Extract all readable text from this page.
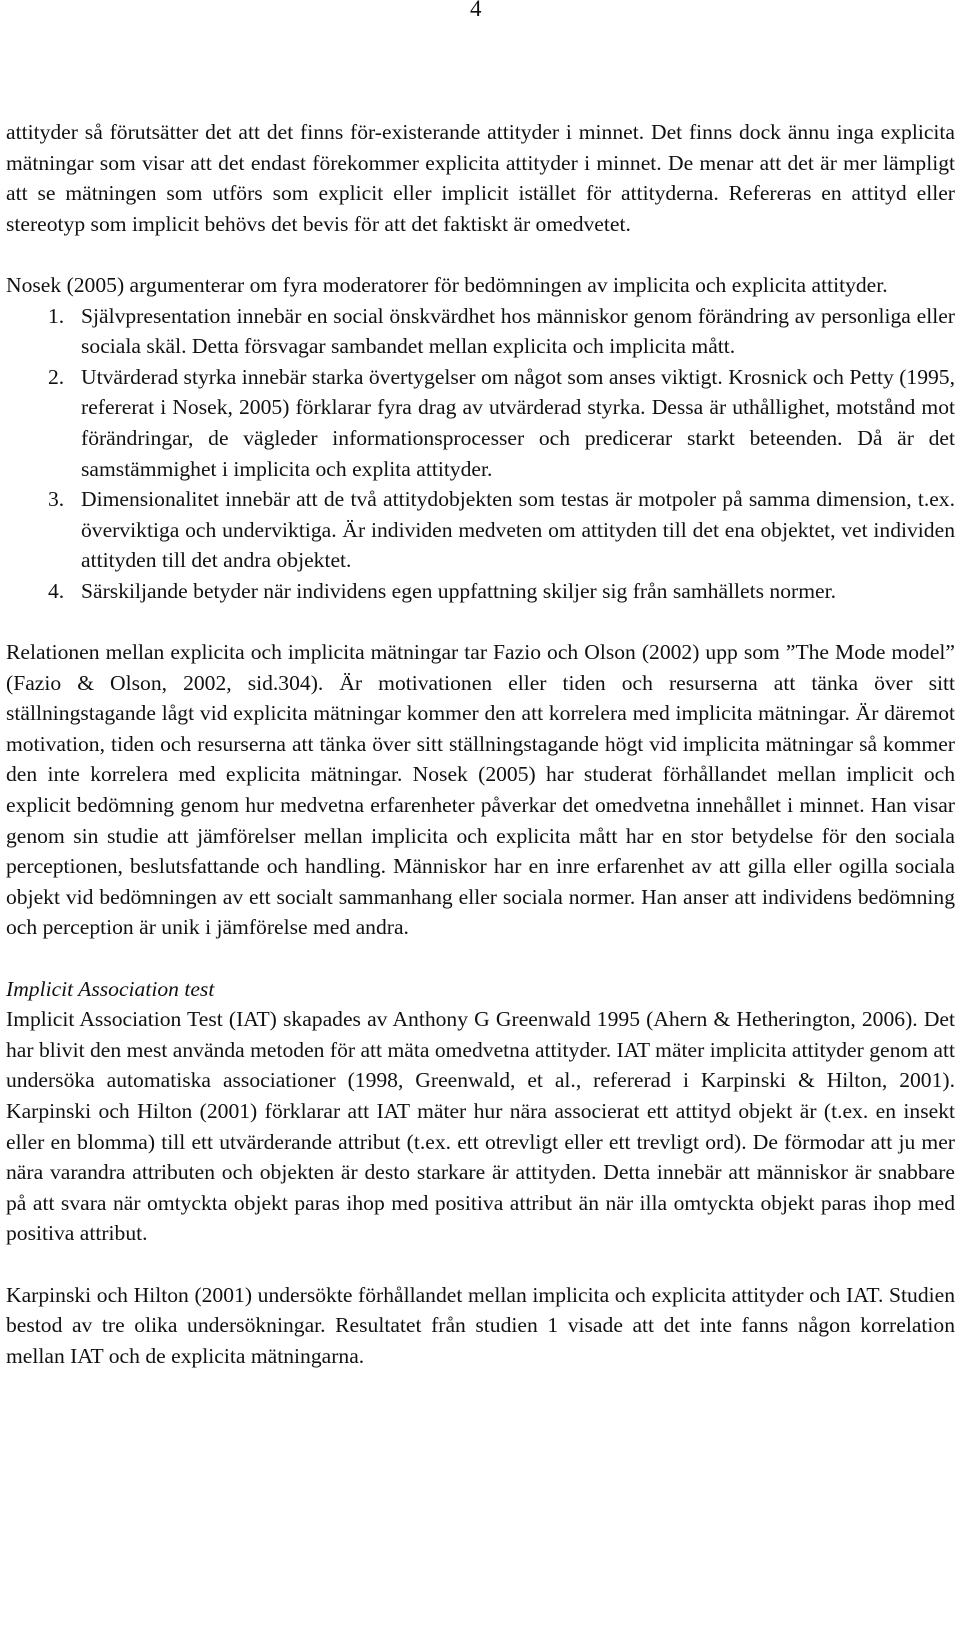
4

attityder så förutsätter det att det finns för-existerande attityder i minnet. Det finns dock ännu inga explicita mätningar som visar att det endast förekommer explicita attityder i minnet. De menar att det är mer lämpligt att se mätningen som utförs som explicit eller implicit istället för attityderna. Refereras en attityd eller stereotyp som implicit behövs det bevis för att det faktiskt är omedvetet.

Nosek (2005) argumenterar om fyra moderatorer för bedömningen av implicita och explicita attityder.

1. Självpresentation innebär en social önskvärdhet hos människor genom förändring av personliga eller sociala skäl. Detta försvagar sambandet mellan explicita och implicita mått.
2. Utvärderad styrka innebär starka övertygelser om något som anses viktigt. Krosnick och Petty (1995, refererat i Nosek, 2005) förklarar fyra drag av utvärderad styrka. Dessa är uthållighet, motstånd mot förändringar, de vägleder informationsprocesser och predicerar starkt beteenden. Då är det samstämmighet i implicita och explita attityder.
3. Dimensionalitet innebär att de två attitydobjekten som testas är motpoler på samma dimension, t.ex. överviktiga och underviktiga. Är individen medveten om attityden till det ena objektet, vet individen attityden till det andra objektet.
4. Särskiljande betyder när individens egen uppfattning skiljer sig från samhällets normer.

Relationen mellan explicita och implicita mätningar tar Fazio och Olson (2002) upp som ”The Mode model” (Fazio & Olson, 2002, sid.304). Är motivationen eller tiden och resurserna att tänka över sitt ställningstagande lågt vid explicita mätningar kommer den att korrelera med implicita mätningar. Är däremot motivation, tiden och resurserna att tänka över sitt ställningstagande högt vid implicita mätningar så kommer den inte korrelera med explicita mätningar. Nosek (2005) har studerat förhållandet mellan implicit och explicit bedömning genom hur medvetna erfarenheter påverkar det omedvetna innehållet i minnet. Han visar genom sin studie att jämförelser mellan implicita och explicita mått har en stor betydelse för den sociala perceptionen, beslutsfattande och handling. Människor har en inre erfarenhet av att gilla eller ogilla sociala objekt vid bedömningen av ett socialt sammanhang eller sociala normer. Han anser att individens bedömning och perception är unik i jämförelse med andra.

Implicit Association test

Implicit Association Test (IAT) skapades av Anthony G Greenwald 1995 (Ahern & Hetherington, 2006). Det har blivit den mest använda metoden för att mäta omedvetna attityder. IAT mäter implicita attityder genom att undersöka automatiska associationer (1998, Greenwald, et al., refererad i Karpinski & Hilton, 2001). Karpinski och Hilton (2001) förklarar att IAT mäter hur nära associerat ett attityd objekt är (t.ex. en insekt eller en blomma) till ett utvärderande attribut (t.ex. ett otrevligt eller ett trevligt ord). De förmodar att ju mer nära varandra attributen och objekten är desto starkare är attityden. Detta innebär att människor är snabbare på att svara när omtyckta objekt paras ihop med positiva attribut än när illa omtyckta objekt paras ihop med positiva attribut.

Karpinski och Hilton (2001) undersökte förhållandet mellan implicita och explicita attityder och IAT. Studien bestod av tre olika undersökningar. Resultatet från studien 1 visade att det inte fanns någon korrelation mellan IAT och de explicita mätningarna.
